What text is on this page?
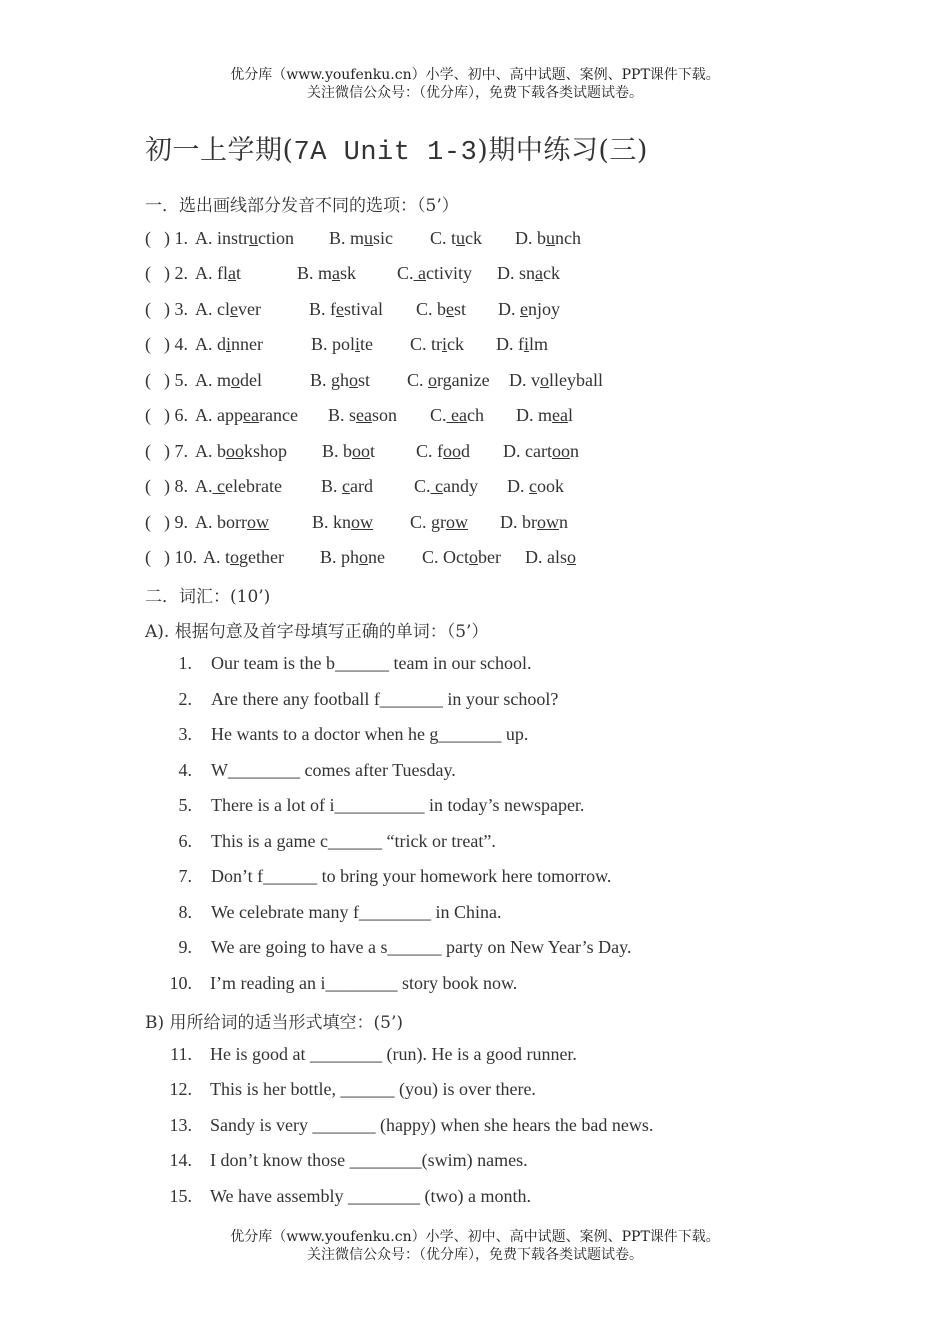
优分库（www.youfenku.cn）小学、初中、高中试题、案例、PPT课件下载。
关注微信公众号：（优分库），免费下载各类试题试卷。
初一上学期(7A Unit 1-3)期中练习(三)
一．选出画线部分发音不同的选项：（5’）
( ) 1. A. instruction B. music C. tuck D. bunch
( ) 2. A. flat	B. mask C. activity D. snack
( ) 3. A. clever	B. festival C. best D. enjoy
( ) 4. A. dinner	B. polite C. trick D. film
( ) 5. A. model	B. ghost C. organize D. volleyball
( ) 6. A. appearance B. season C. each D. meal
( ) 7. A. bookshop B. boot C. food D. cartoon
( ) 8. A. celebrate B. card C. candy D. cook
( ) 9. A. borrow B. know C. grow D. brown
( ) 10. A. together B. phone C. October D. also
二．词汇：(10’)
A). 根据句意及首字母填写正确的单词：（5’）
1. Our team is the b______ team in our school.
2. Are there any football f_______ in your school?
3. He wants to a doctor when he g_______ up.
4. W________ comes after Tuesday.
5. There is a lot of i__________ in today’s newspaper.
6. This is a game c______ “trick or treat”.
7. Don’t f______ to bring your homework here tomorrow.
8. We celebrate many f________ in China.
9. We are going to have a s______ party on New Year’s Day.
10. I’m reading an i________ story book now.
B) 用所给词的适当形式填空：(5’)
11. He is good at ________ (run). He is a good runner.
12. This is her bottle, ______ (you) is over there.
13. Sandy is very _______ (happy) when she hears the bad news.
14. I don’t know those ________(swim) names.
15. We have assembly ________ (two) a month.
优分库（www.youfenku.cn）小学、初中、高中试题、案例、PPT课件下载。
关注微信公众号：（优分库），免费下载各类试题试卷。
